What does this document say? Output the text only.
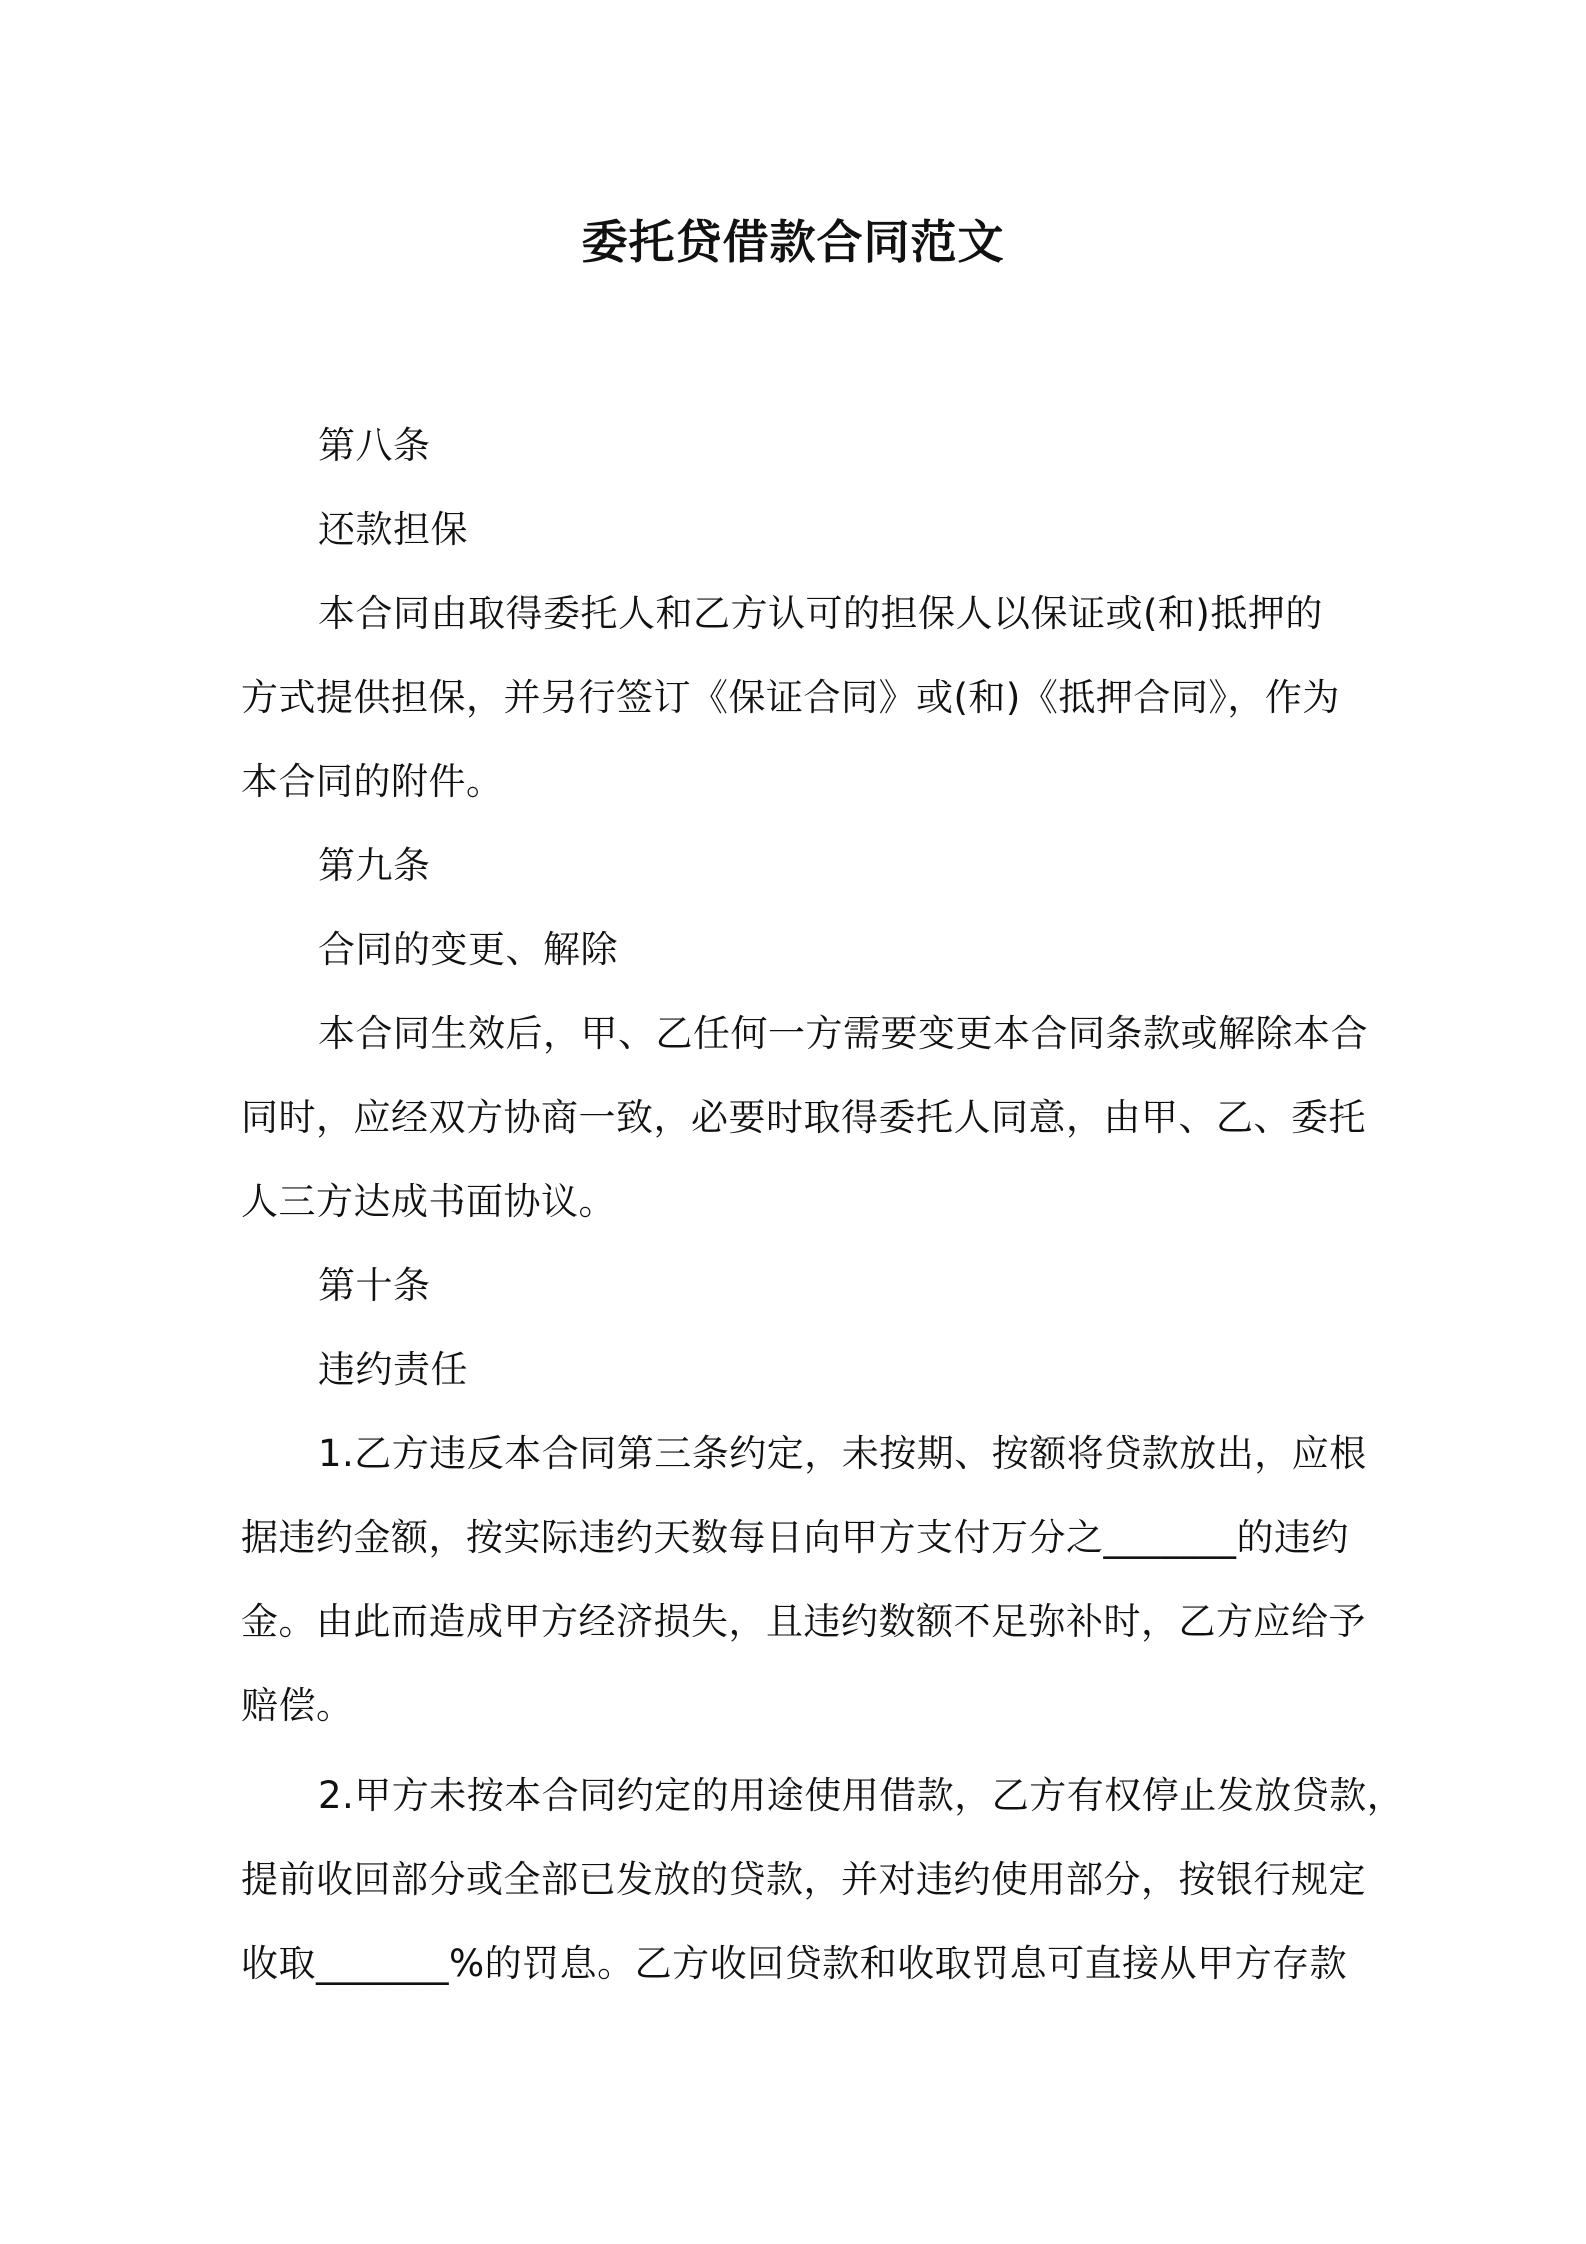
委托贷借款合同范文
第八条
还款担保
本合同由取得委托人和乙方认可的担保人以保证或(和)抵押的
方式提供担保，并另行签订《保证合同》或(和)《抵押合同》，作为
本合同的附件。
第九条
合同的变更、解除
本合同生效后，甲、乙任何一方需要变更本合同条款或解除本合
同时，应经双方协商一致，必要时取得委托人同意，由甲、乙、委托
人三方达成书面协议。
第十条
违约责任
1.乙方违反本合同第三条约定，未按期、按额将贷款放出，应根
据违约金额，按实际违约天数每日向甲方支付万分之_______的违约
金。由此而造成甲方经济损失，且违约数额不足弥补时，乙方应给予
赔偿。
2.甲方未按本合同约定的用途使用借款，乙方有权停止发放贷款，
提前收回部分或全部已发放的贷款，并对违约使用部分，按银行规定
收取_______%的罚息。乙方收回贷款和收取罚息可直接从甲方存款
